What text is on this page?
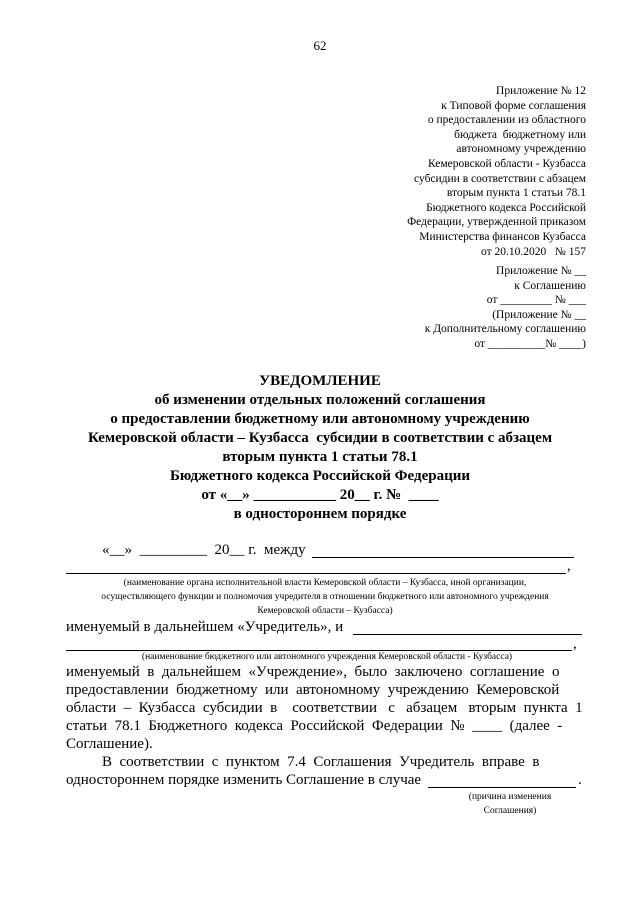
62
Приложение № 12
к Типовой форме соглашения
о предоставлении из областного
бюджета  бюджетному или
автономному учреждению
Кемеровской области - Кузбасса
субсидии в соответствии с абзацем
вторым пункта 1 статьи 78.1
Бюджетного кодекса Российской
Федерации, утвержденной приказом
Министерства финансов Кузбасса
от 20.10.2020   № 157
Приложение № __
к Соглашению
от _________ № ___
(Приложение № __
к Дополнительному соглашению
от __________№ ____)
УВЕДОМЛЕНИЕ
об изменении отдельных положений соглашения
о предоставлении бюджетному или автономному учреждению
Кемеровской области – Кузбасса  субсидии в соответствии с абзацем
вторым пункта 1 статьи 78.1
Бюджетного кодекса Российской Федерации
от «__» ___________ 20__ г. №  ____
в одностороннем порядке
«__»  _________  20__ г.  между
,
(наименование органа исполнительной власти Кемеровской области – Кузбасса, иной организации,
осуществляющего функции и полномочия учредителя в отношении бюджетного или автономного учреждения
Кемеровской области – Кузбасса)
именуемый в дальнейшем «Учредитель», и
,
(наименование бюджетного или автономного учреждения Кемеровской области - Кузбасса)
именуемый  в  дальнейшем  «Учреждение»,  было  заключено  соглашение  о
предоставлении  бюджетному  или  автономному  учреждению  Кемеровской
области  –  Кузбасса  субсидии  в    соответствии   с   абзацем   вторым  пункта  1
статьи  78.1  Бюджетного  кодекса  Российской  Федерации  №  ____  (далее  -
Соглашение).
В  соответствии  с  пунктом  7.4  Соглашения  Учредитель  вправе  в
одностороннем порядке изменить Соглашение в случае	.
(причина изменения
Соглашения)
